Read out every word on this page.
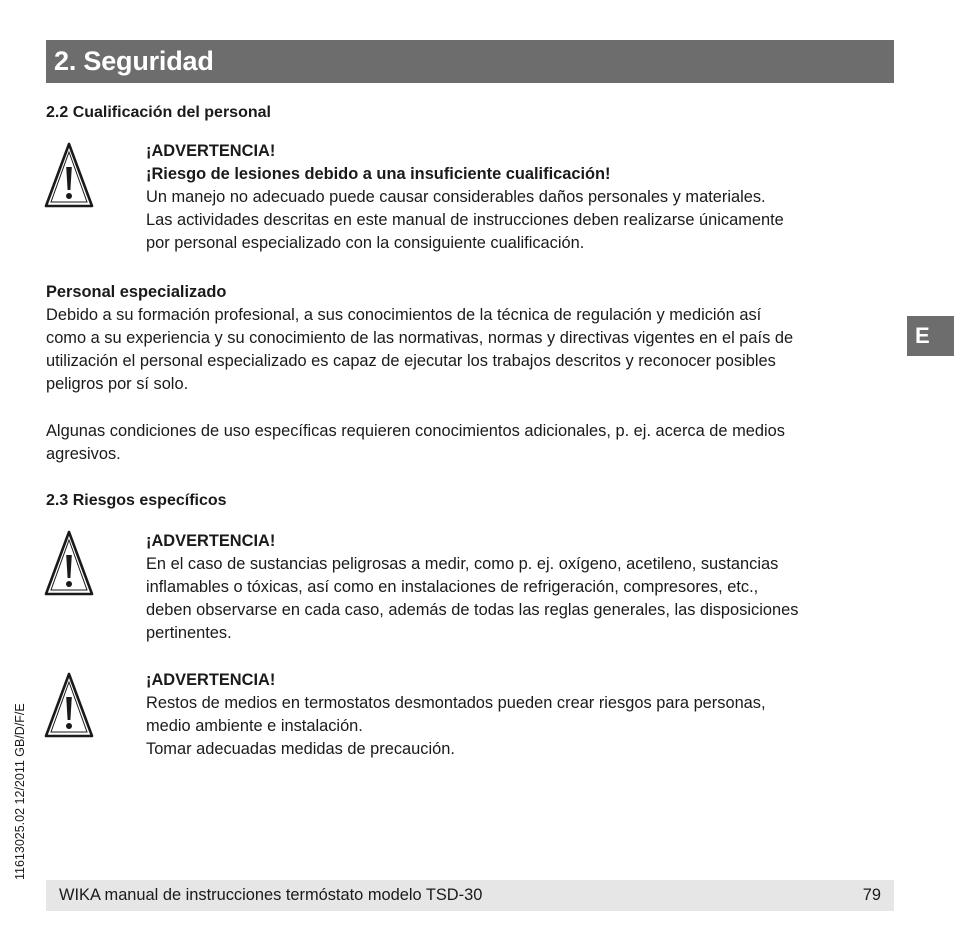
2. Seguridad
2.2 Cualificación del personal
¡ADVERTENCIA!
¡Riesgo de lesiones debido a una insuficiente cualificación!
Un manejo no adecuado puede causar considerables daños personales y materiales.
Las actividades descritas en este manual de instrucciones deben realizarse únicamente
por personal especializado con la consiguiente cualificación.
Personal especializado
Debido a su formación profesional, a sus conocimientos de la técnica de regulación y medición así
como a su experiencia y su conocimiento de las normativas, normas y directivas vigentes en el país de
utilización el personal especializado es capaz de ejecutar los trabajos descritos y reconocer posibles
peligros por sí solo.
Algunas condiciones de uso específicas requieren conocimientos adicionales, p. ej. acerca de medios
agresivos.
2.3 Riesgos específicos
¡ADVERTENCIA!
En el caso de sustancias peligrosas a medir, como p. ej. oxígeno, acetileno, sustancias
inflamables o tóxicas, así como en instalaciones de refrigeración, compresores, etc.,
deben observarse en cada caso, además de todas las reglas generales, las disposiciones
pertinentes.
¡ADVERTENCIA!
Restos de medios en termostatos desmontados pueden crear riesgos para personas,
medio ambiente e instalación.
Tomar adecuadas medidas de precaución.
E
11613025.02 12/2011 GB/D/F/E
WIKA manual de instrucciones termóstato modelo TSD-30	79
